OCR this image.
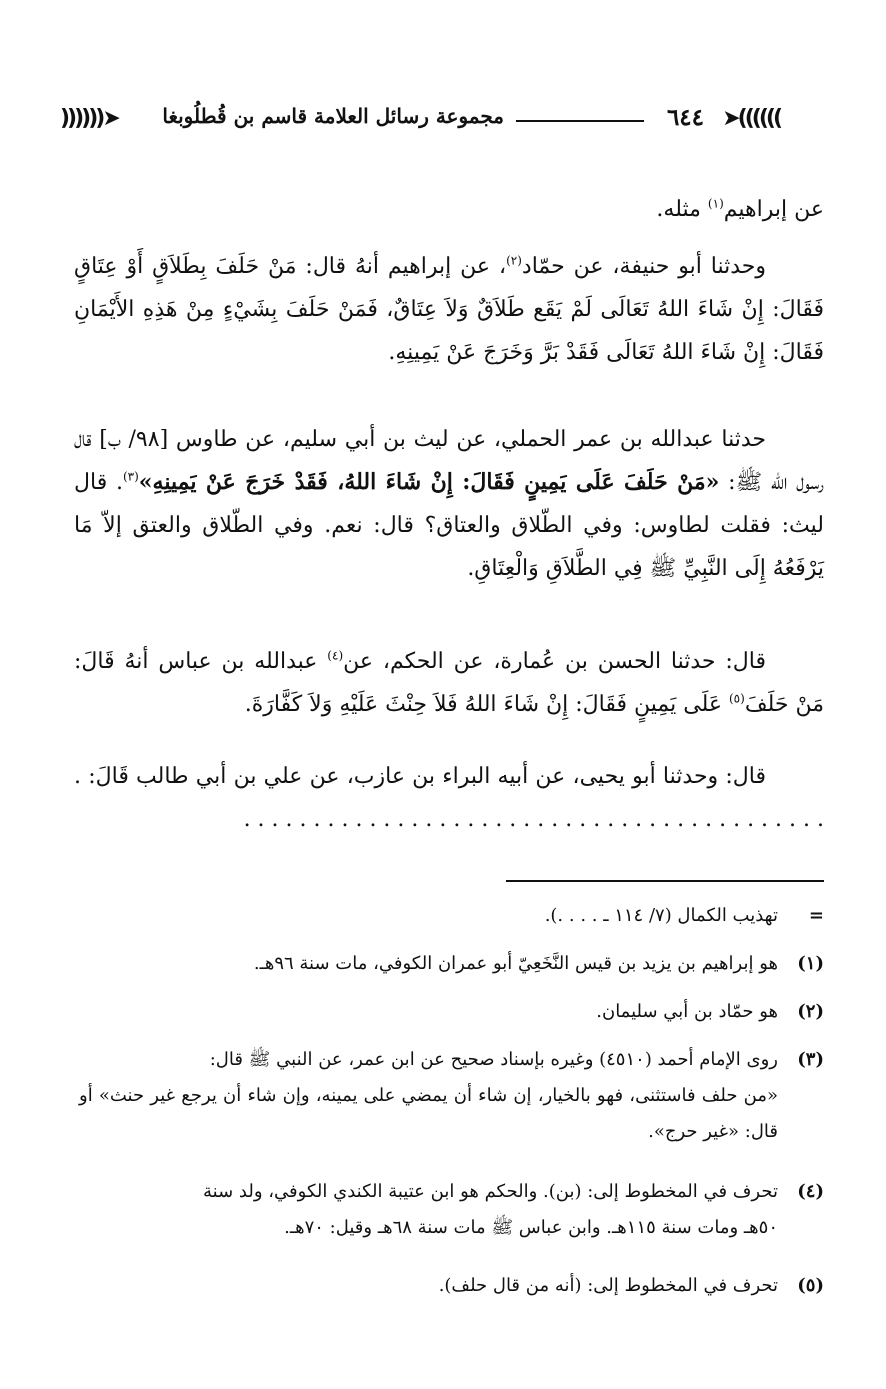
➤((((((
٦٤٤
مجموعة رسائل العلامة قاسم بن قُطلُوبغا
))))))➤
عن إبراهيم$^{(١)}$ مثله.
وحدثنا أبو حنيفة، عن حمّاد$^{(٢)}$، عن إبراهيم أنهُ قال: مَنْ حَلَفَ بِطَلاَقٍ أَوْ عِتَاقٍ فَقَالَ: إِنْ شَاءَ اللهُ تَعَالَى لَمْ يَقَع طَلاَقٌ وَلاَ عِتَاقٌ، فَمَنْ حَلَفَ بِشَيْءٍ مِنْ هَذِهِ الأَيْمَانِ فَقَالَ: إِنْ شَاءَ اللهُ تَعَالَى فَقَدْ بَرَّ وَخَرَجَ عَنْ يَمِينِهِ.
حدثنا عبدالله بن عمر الحملي، عن ليث بن أبي سليم، عن طاوس [٩٨/ ب] قال رسول الله ﷺ: «مَنْ حَلَفَ عَلَى يَمِينٍ فَقَالَ: إِنْ شَاءَ اللهُ، فَقَدْ خَرَجَ عَنْ يَمِينِهِ»$^{(٣)}$. قال ليث: فقلت لطاوس: وفي الطّلاق والعتاق؟ قال: نعم. وفي الطّلاق والعتق إلاّ مَا يَرْفَعُهُ إِلَى النَّبِيِّ ﷺ فِي الطَّلاَقِ وَالْعِتَاقِ.
قال: حدثنا الحسن بن عُمارة، عن الحكم، عن$^{(٤)}$ عبدالله بن عباس أنهُ قَالَ: مَنْ حَلَفَ$^{(٥)}$ عَلَى يَمِينٍ فَقَالَ: إِنْ شَاءَ اللهُ فَلاَ حِنْثَ عَلَيْهِ وَلاَ كَفَّارَةَ.
قال: وحدثنا أبو يحيى، عن أبيه البراء بن عازب، عن علي بن أبي طالب قَالَ: . . . . . . . . . . . . . . . . . . . . . . . . . . . . . . . . . . . . . . . . . . .
=تهذيب الكمال (٧/ ١١٤ ـ . . . .).
(١)هو إبراهيم بن يزيد بن قيس النَّخَعِيّ أبو عمران الكوفي، مات سنة ٩٦هـ.
(٢)هو حمّاد بن أبي سليمان.
(٣)روى الإمام أحمد (٤٥١٠) وغيره بإسناد صحيح عن ابن عمر، عن النبي ﷺ قال:
«من حلف فاستثنى، فهو بالخيار، إن شاء أن يمضي على يمينه، وإن شاء أن يرجع غير حنث» أو قال: «غير حرج».
(٤)تحرف في المخطوط إلى: (بن). والحكم هو ابن عتيبة الكندي الكوفي، ولد سنة
٥٠هـ ومات سنة ١١٥هـ. وابن عباس ﷺ مات سنة ٦٨هـ وقيل: ٧٠هـ.
(٥)تحرف في المخطوط إلى: (أنه من قال حلف).
